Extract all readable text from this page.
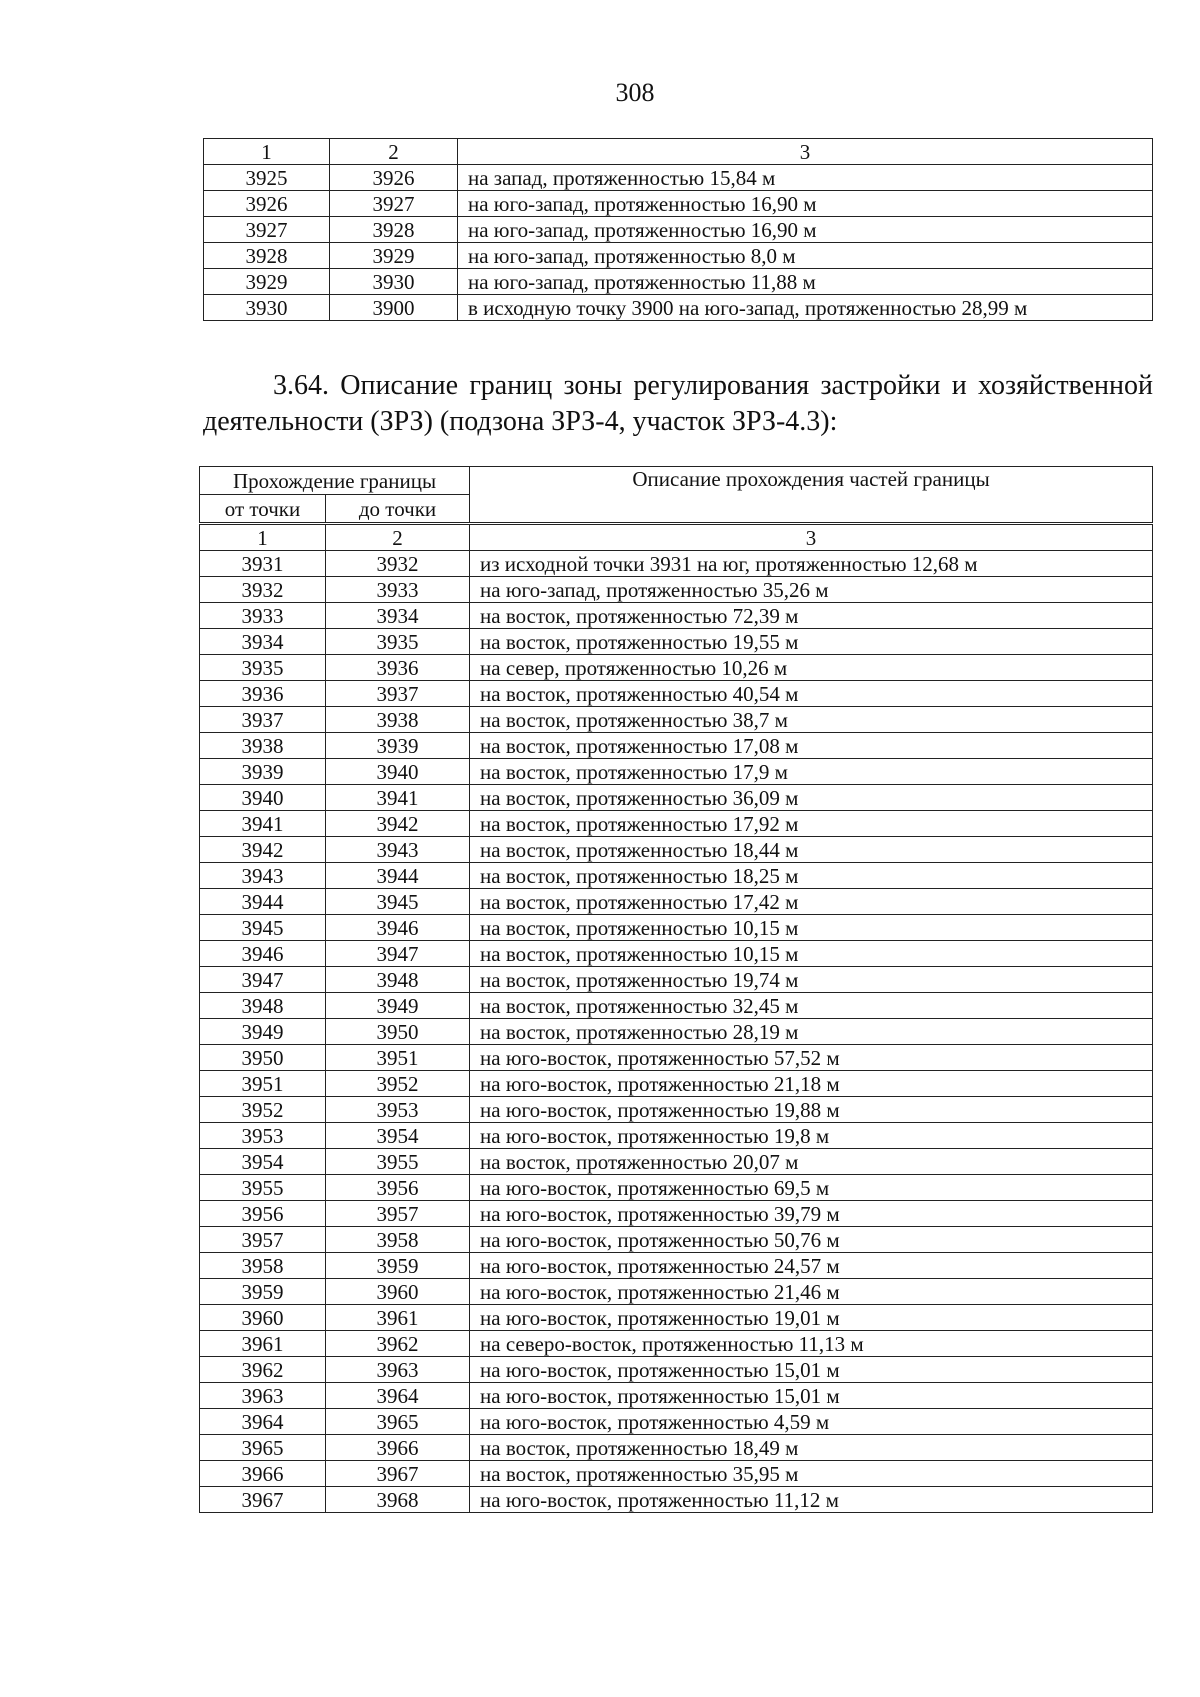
308
1	2	3
3925	3926	на запад, протяженностью 15,84 м
3926	3927	на юго-запад, протяженностью 16,90 м
3927	3928	на юго-запад, протяженностью 16,90 м
3928	3929	на юго-запад, протяженностью 8,0 м
3929	3930	на юго-запад, протяженностью 11,88 м
3930	3900	в исходную точку 3900 на юго-запад, протяженностью 28,99 м
3.64. Описание границ зоны регулирования застройки и хозяйственной
деятельности (ЗРЗ) (подзона ЗРЗ-4, участок ЗРЗ-4.3):
Прохождение границы		Описание прохождения частей границы
от точки	до точки	
1	2	3
3931	3932	из исходной точки 3931 на юг, протяженностью 12,68 м
3932	3933	на юго-запад, протяженностью 35,26 м
3933	3934	на восток, протяженностью 72,39 м
3934	3935	на восток, протяженностью 19,55 м
3935	3936	на север, протяженностью 10,26 м
3936	3937	на восток, протяженностью 40,54 м
3937	3938	на восток, протяженностью 38,7 м
3938	3939	на восток, протяженностью 17,08 м
3939	3940	на восток, протяженностью 17,9 м
3940	3941	на восток, протяженностью 36,09 м
3941	3942	на восток, протяженностью 17,92 м
3942	3943	на восток, протяженностью 18,44 м
3943	3944	на восток, протяженностью 18,25 м
3944	3945	на восток, протяженностью 17,42 м
3945	3946	на восток, протяженностью 10,15 м
3946	3947	на восток, протяженностью 10,15 м
3947	3948	на восток, протяженностью 19,74 м
3948	3949	на восток, протяженностью 32,45 м
3949	3950	на восток, протяженностью 28,19 м
3950	3951	на юго-восток, протяженностью 57,52 м
3951	3952	на юго-восток, протяженностью 21,18 м
3952	3953	на юго-восток, протяженностью 19,88 м
3953	3954	на юго-восток, протяженностью 19,8 м
3954	3955	на восток, протяженностью 20,07 м
3955	3956	на юго-восток, протяженностью 69,5 м
3956	3957	на юго-восток, протяженностью 39,79 м
3957	3958	на юго-восток, протяженностью 50,76 м
3958	3959	на юго-восток, протяженностью 24,57 м
3959	3960	на юго-восток, протяженностью 21,46 м
3960	3961	на юго-восток, протяженностью 19,01 м
3961	3962	на северо-восток, протяженностью 11,13 м
3962	3963	на юго-восток, протяженностью 15,01 м
3963	3964	на юго-восток, протяженностью 15,01 м
3964	3965	на юго-восток, протяженностью 4,59 м
3965	3966	на восток, протяженностью 18,49 м
3966	3967	на восток, протяженностью 35,95 м
3967	3968	на юго-восток, протяженностью 11,12 м
